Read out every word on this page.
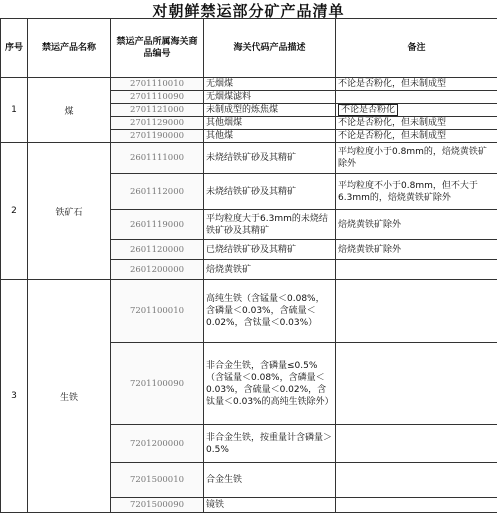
对朝鲜禁运部分矿产品清单
序号	禁运产品名称	禁运产品所属海关商品编号	海关代码产品描述	备注
1	煤	2701110010	无烟煤	不论是否粉化，但未制成型
		2701110090	无烟煤滤料	
		2701121000	未制成型的炼焦煤	不论是否粉化
		2701129000	其他烟煤	不论是否粉化，但未制成型
		2701190000	其他煤	不论是否粉化，但未制成型
2	铁矿石	2601111000	未烧结铁矿砂及其精矿	平均粒度小于0.8mm的，焙烧黄铁矿除外
		2601112000	未烧结铁矿砂及其精矿	平均粒度不小于0.8mm，但不大于6.3mm的，焙烧黄铁矿除外
		2601119000	平均粒度大于6.3mm的未烧结铁矿砂及其精矿	焙烧黄铁矿除外
		2601120000	已烧结铁矿砂及其精矿	焙烧黄铁矿除外
		2601200000	焙烧黄铁矿	
3	生铁	7201100010	高纯生铁（含锰量＜0.08%，含磷量＜0.03%，含硫量＜0.02%，含钛量＜0.03%）	
		7201100090	非合金生铁，含磷量≤0.5%（含锰量＜0.08%，含磷量＜0.03%，含硫量＜0.02%，含钛量＜0.03%的高纯生铁除外）	
		7201200000	非合金生铁，按重量计含磷量＞0.5%	
		7201500010	合金生铁	
		7201500090	镜铁	
